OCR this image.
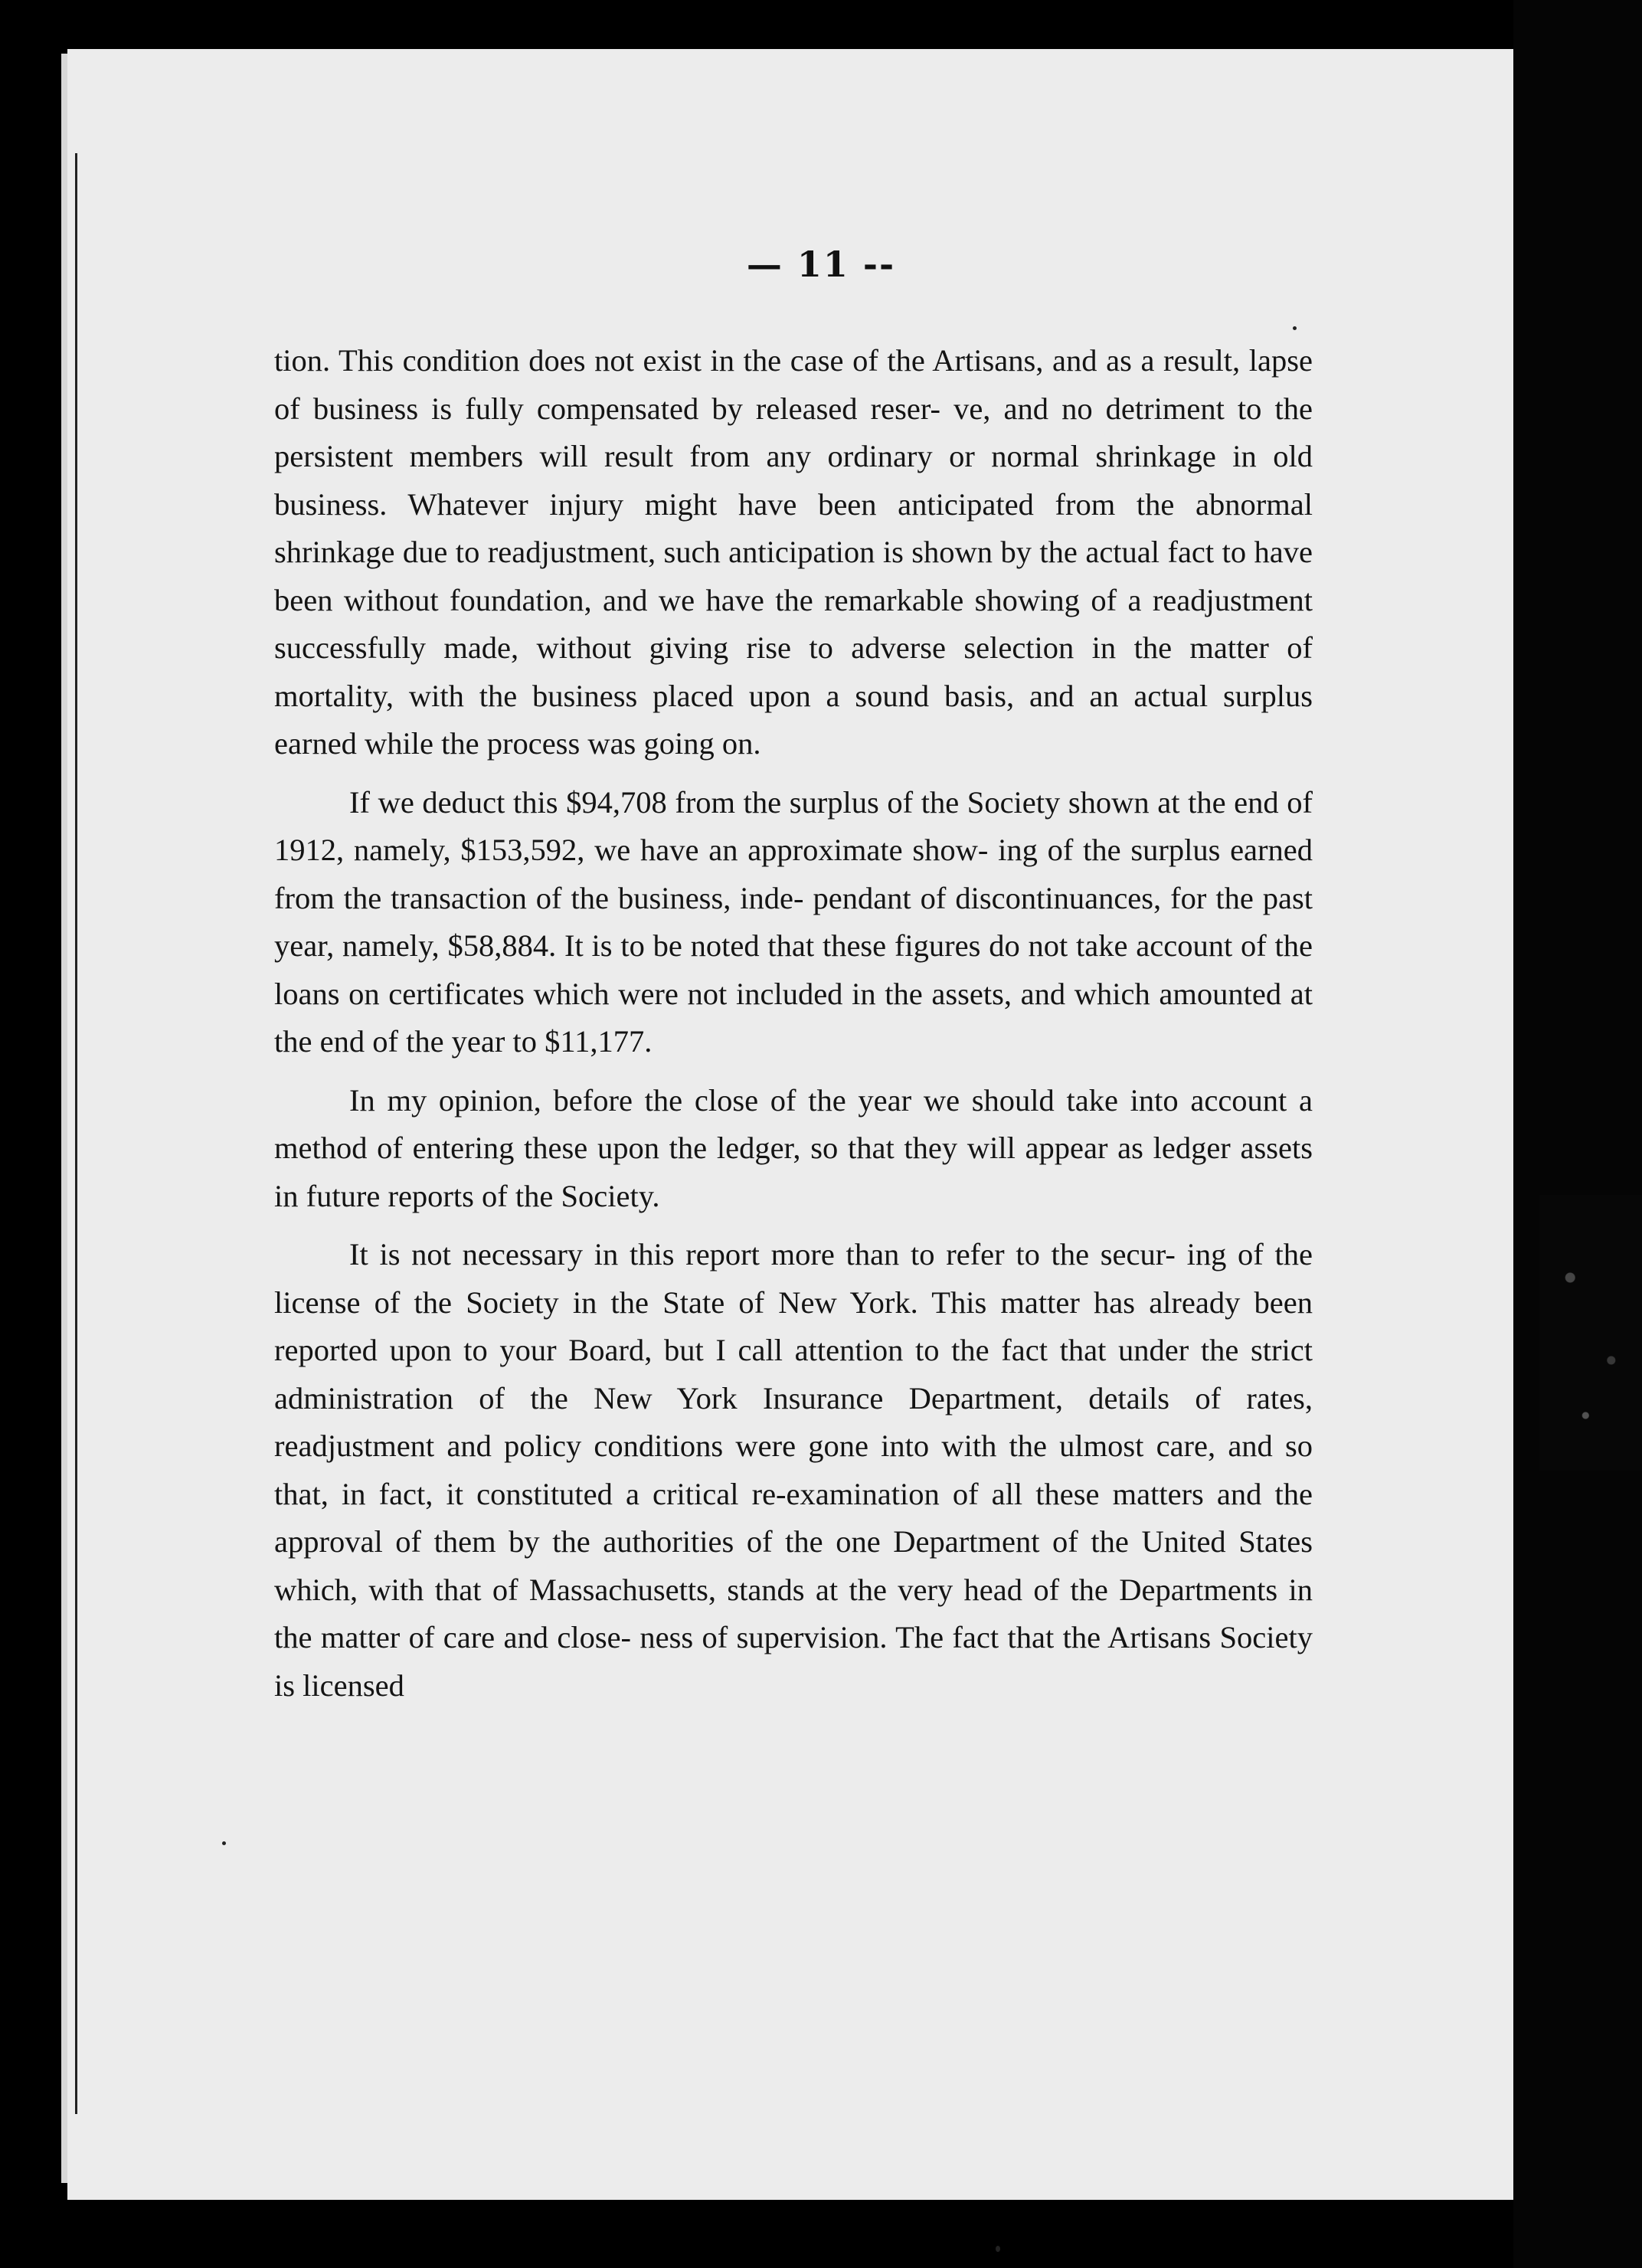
— 11 --

tion. This condition does not exist in the case of the Artisans, and as a result, lapse of business is fully compensated by released reser- ve, and no detriment to the persistent members will result from any ordinary or normal shrinkage in old business. Whatever injury might have been anticipated from the abnormal shrinkage due to readjustment, such anticipation is shown by the actual fact to have been without foundation, and we have the remarkable showing of a readjustment successfully made, without giving rise to adverse selection in the matter of mortality, with the business placed upon a sound basis, and an actual surplus earned while the process was going on.

If we deduct this $94,708 from the surplus of the Society shown at the end of 1912, namely, $153,592, we have an approximate show- ing of the surplus earned from the transaction of the business, inde- pendant of discontinuances, for the past year, namely, $58,884. It is to be noted that these figures do not take account of the loans on certificates which were not included in the assets, and which amounted at the end of the year to $11,177.

In my opinion, before the close of the year we should take into account a method of entering these upon the ledger, so that they will appear as ledger assets in future reports of the Society.

It is not necessary in this report more than to refer to the secur- ing of the license of the Society in the State of New York. This matter has already been reported upon to your Board, but I call attention to the fact that under the strict administration of the New York Insurance Department, details of rates, readjustment and policy conditions were gone into with the ulmost care, and so that, in fact, it constituted a critical re-examination of all these matters and the approval of them by the authorities of the one Department of the United States which, with that of Massachusetts, stands at the very head of the Departments in the matter of care and close- ness of supervision. The fact that the Artisans Society is licensed
